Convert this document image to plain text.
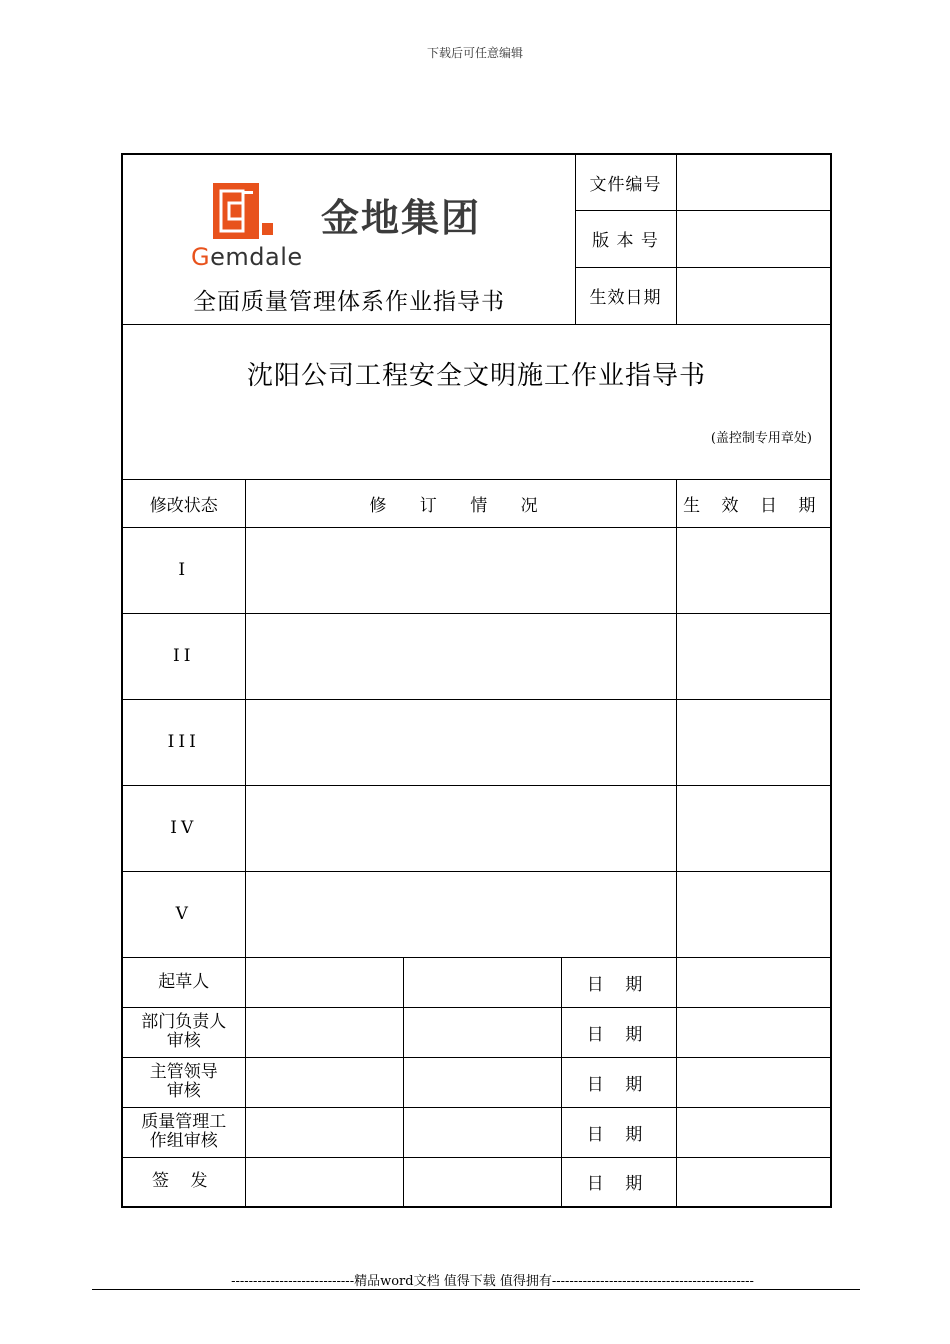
下载后可任意编辑
金地集团
Gemdale
全面质量管理体系作业指导书				文件编号	
				版 本 号	
				生效日期	

沈阳公司工程安全文明施工作业指导书
(盖控制专用章处)					

修改状态	修 订 情 况				生 效 日 期
I					
II					
III					
IV					
V					
起草人			日 期		

部门负责人
审核			日 期		

主管领导
审核			日 期		

质量管理工
作组审核			日 期		
签 发			日 期		
----------------------------精品word文档 值得下载 值得拥有----------------------------------------------
